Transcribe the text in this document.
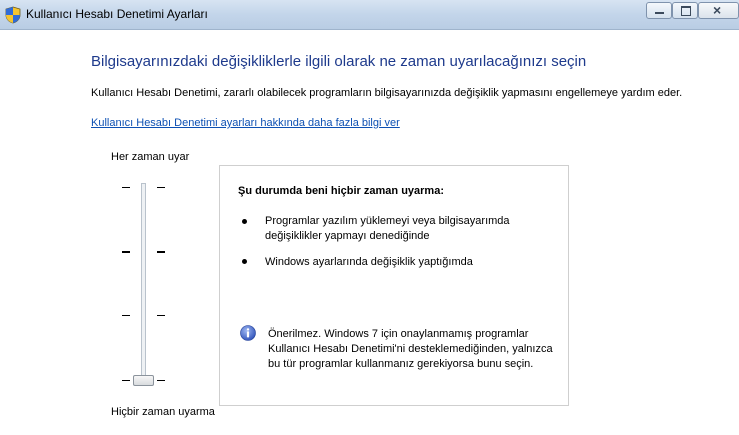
Kullanıcı Hesabı Denetimi Ayarları	×
Bilgisayarınızdaki değişikliklerle ilgili olarak ne zaman uyarılacağınızı seçin
Kullanıcı Hesabı Denetimi, zararlı olabilecek programların bilgisayarınızda değişiklik yapmasını engellemeye yardım eder.
Kullanıcı Hesabı Denetimi ayarları hakkında daha fazla bilgi ver
Her zaman uyar
Hiçbir zaman uyarma
Şu durumda beni hiçbir zaman uyarma:
Programlar yazılım yüklemeyi veya bilgisayarımda değişiklikler yapmayı denediğinde
Windows ayarlarında değişiklik yaptığımda
Önerilmez. Windows 7 için onaylanmamış programlar Kullanıcı Hesabı Denetimi'ni desteklemediğinden, yalnızca bu tür programlar kullanmanız gerekiyorsa bunu seçin.
